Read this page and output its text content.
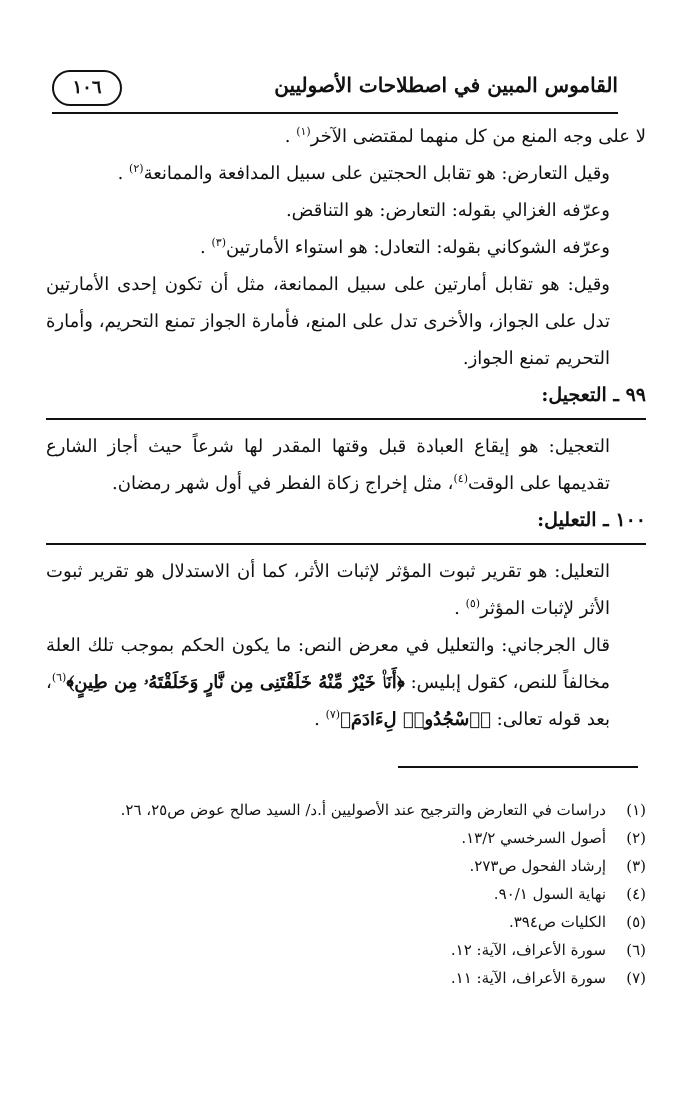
القاموس المبين في اصطلاحات الأصوليين
١٠٦

لا على وجه المنع من كل منهما لمقتضى الآخر$^{(١)}$ .

وقيل التعارض: هو تقابل الحجتين على سبيل المدافعة والممانعة$^{(٢)}$ .

وعرّفه الغزالي بقوله: التعارض: هو التناقض.

وعرّفه الشوكاني بقوله: التعادل: هو استواء الأمارتين$^{(٣)}$ .

وقيل: هو تقابل أمارتين على سبيل الممانعة، مثل أن تكون إحدى الأمارتين تدل على الجواز، والأخرى تدل على المنع، فأمارة الجواز تمنع التحريم، وأمارة التحريم تمنع الجواز.

٩٩ ـ التعجيل:

التعجيل: هو إيقاع العبادة قبل وقتها المقدر لها شرعاً حيث أجاز الشارع تقديمها على الوقت$^{(٤)}$، مثل إخراج زكاة الفطر في أول شهر رمضان.

١٠٠ ـ التعليل:

التعليل: هو تقرير ثبوت المؤثر لإثبات الأثر، كما أن الاستدلال هو تقرير ثبوت الأثر لإثبات المؤثر$^{(٥)}$ .

قال الجرجاني: والتعليل في معرض النص: ما يكون الحكم بموجب تلك العلة مخالفاً للنص، كقول إبليس: ﴿أَنَا۠ خَيْرٌ مِّنْهُ خَلَقْتَنِى مِن نَّارٍ وَخَلَقْتَهُۥ مِن طِينٍ﴾$^{(٦)}$، بعد قوله تعالى: ﴿ٱسْجُدُوا۟ لِءَادَمَ﴾$^{(٧)}$ .

(١)
دراسات في التعارض والترجيح عند الأصوليين أ.د/ السيد صالح عوض ص٢٥، ٢٦.
(٢)
أصول السرخسي ١٣/٢.
(٣)
إرشاد الفحول ص٢٧٣.
(٤)
نهاية السول ٩٠/١.
(٥)
الكليات ص٣٩٤.
(٦)
سورة الأعراف، الآية: ١٢.
(٧)
سورة الأعراف، الآية: ١١.
